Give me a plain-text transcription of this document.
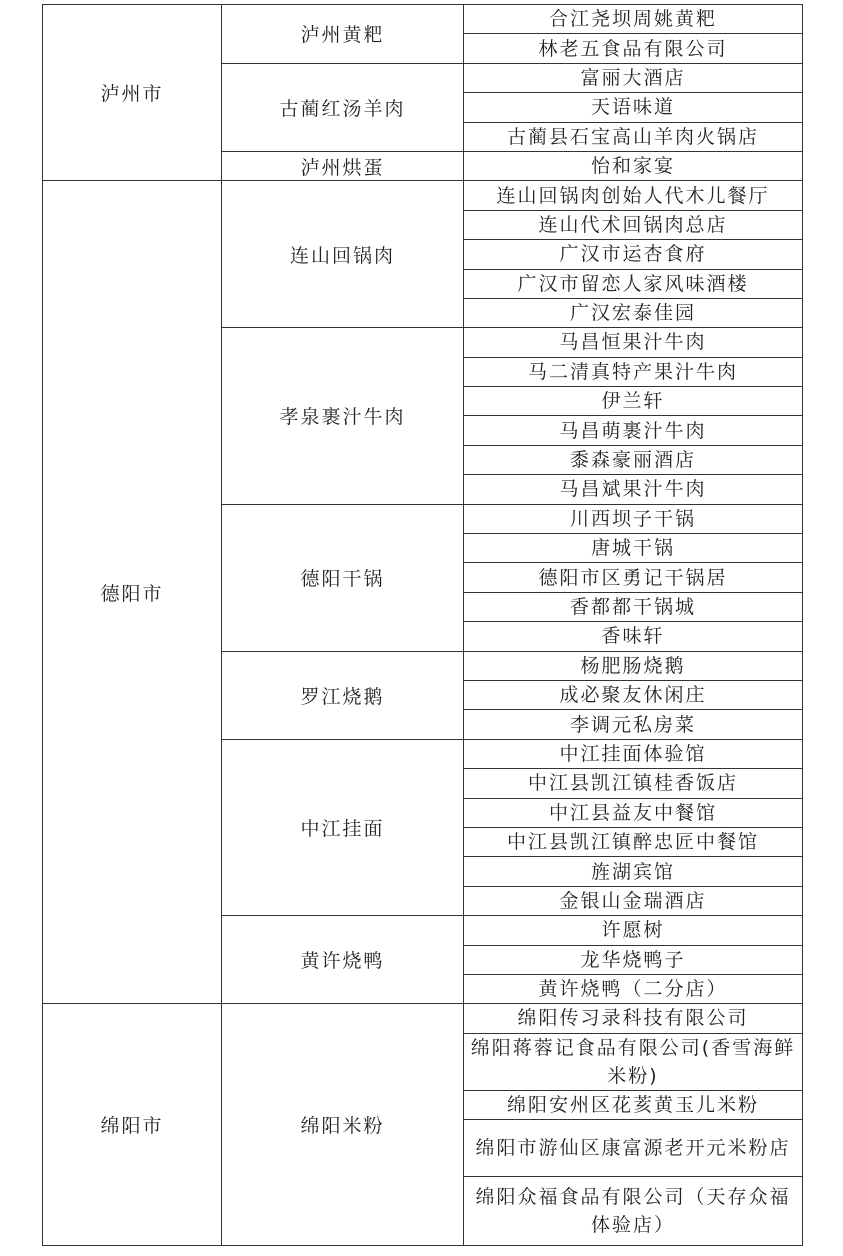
泸州市	泸州黄粑	合江尧坝周姚黄粑
		林老五食品有限公司
	古蔺红汤羊肉	富丽大酒店
		天语味道
		古蔺县石宝高山羊肉火锅店
	泸州烘蛋	怡和家宴
德阳市	连山回锅肉	连山回锅肉创始人代木儿餐厅
		连山代术回锅肉总店
		广汉市运杏食府
		广汉市留恋人家风味酒楼
		广汉宏泰佳园
	孝泉裹汁牛肉	马昌恒果汁牛肉
		马二清真特产果汁牛肉
		伊兰轩
		马昌萌裹汁牛肉
		黍森豪丽酒店
		马昌斌果汁牛肉
	德阳干锅	川西坝子干锅
		唐城干锅
		德阳市区勇记干锅居
		香都都干锅城
		香味轩
	罗江烧鹅	杨肥肠烧鹅
		成必聚友休闲庄
		李调元私房菜
	中江挂面	中江挂面体验馆
		中江县凯江镇桂香饭店
		中江县益友中餐馆
		中江县凯江镇醉忠匠中餐馆
		旌湖宾馆
		金银山金瑞酒店
	黄许烧鸭	许愿树
		龙华烧鸭子
		黄许烧鸭（二分店）
绵阳市	绵阳米粉	绵阳传习录科技有限公司
		绵阳蒋蓉记食品有限公司(香雪海鲜米粉)
		绵阳安州区花荄黄玉儿米粉
		绵阳市游仙区康富源老开元米粉店
		绵阳众福食品有限公司（天存众福体验店）
